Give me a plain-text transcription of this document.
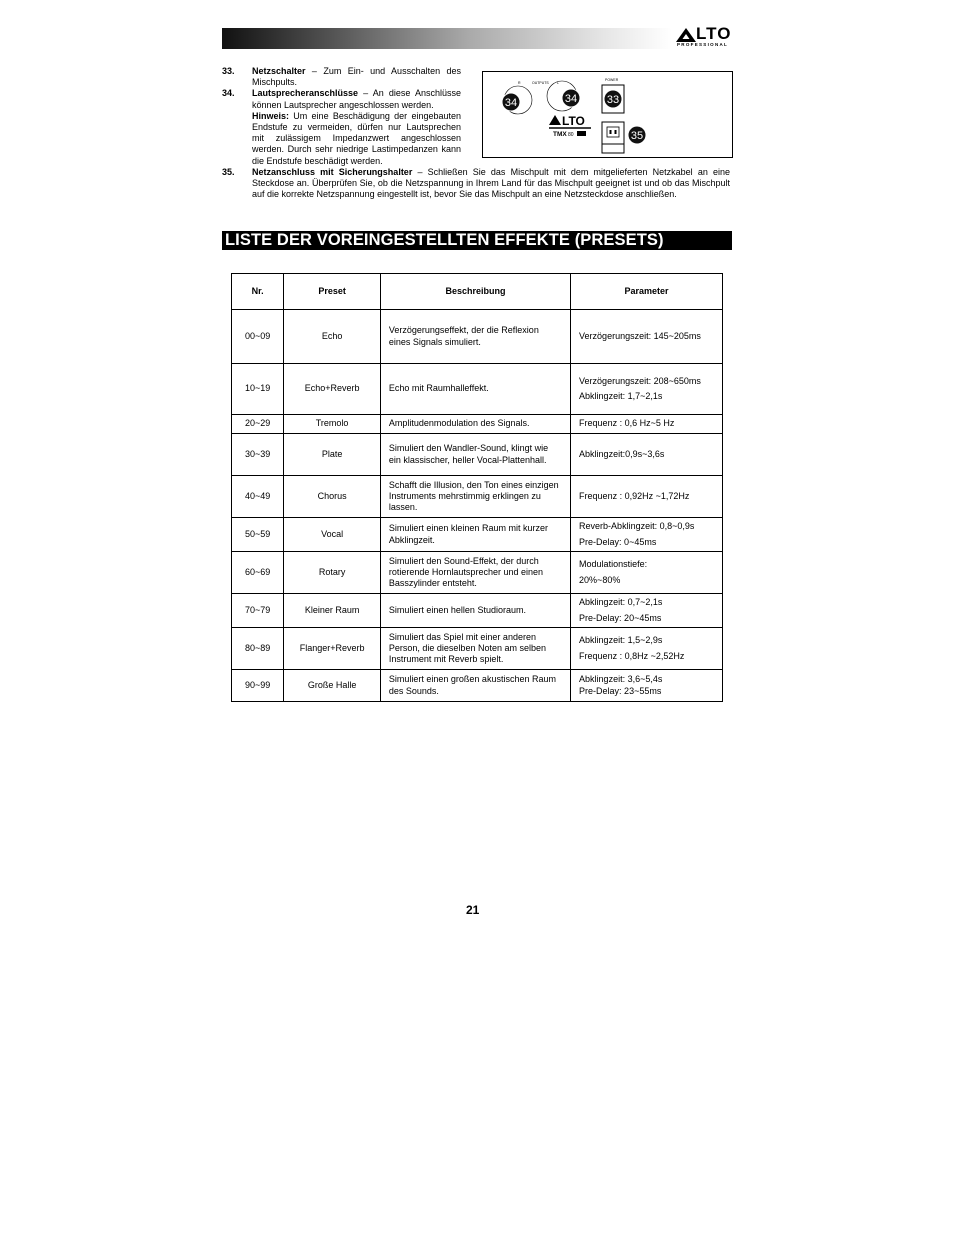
LTO
PROFESSIONAL
33. Netzschalter – Zum Ein- und Ausschalten des Mischpults.
34. Lautsprecheranschlüsse – An diese Anschlüsse können Lautsprecher angeschlossen werden.
Hinweis: Um eine Beschädigung der eingebauten Endstufe zu vermeiden, dürfen nur Lautsprechen mit zulässigem Impedanzwert angeschlossen werden. Durch sehr niedrige Lastimpedanzen kann die Endstufe beschädigt werden.
35. Netzanschluss mit Sicherungshalter – Schließen Sie das Mischpult mit dem mitgelieferten Netzkabel an eine Steckdose an. Überprüfen Sie, ob die Netzspannung in Ihrem Land für das Mischpult geeignet ist und ob das Mischpult auf die korrekte Netzspannung eingestellt ist, bevor Sie das Mischpult an eine Netzsteckdose anschließen.
R	OUTPUTS L
POWER
34	34	33
LTO
TMX 80	35
LISTE DER VOREINGESTELLTEN EFFEKTE (PRESETS)
Nr.	Preset	Beschreibung	Parameter
00~09	Echo	Verzögerungseffekt, der die Reflexion eines Signals simuliert.	Verzögerungszeit: 145~205ms

10~19	Echo+Reverb	Echo mit Raumhalleffekt.	Verzögerungszeit: 208~650ms
Abklingzeit: 1,7~2,1s

20~29	Tremolo	Amplitudenmodulation des Signals.	Frequenz : 0,6 Hz~5 Hz

30~39	Plate	Simuliert den Wandler-Sound, klingt wie ein klassischer, heller Vocal-Plattenhall.	Abklingzeit:0,9s~3,6s

40~49	Chorus	Schafft die Illusion, den Ton eines einzigen Instruments mehrstimmig erklingen zu lassen.	Frequenz : 0,92Hz ~1,72Hz

50~59	Vocal	Simuliert einen kleinen Raum mit kurzer Abklingzeit.	Reverb-Abklingzeit: 0,8~0,9s
Pre-Delay: 0~45ms

60~69	Rotary	Simuliert den Sound-Effekt, der durch rotierende Hornlautsprecher und einen Basszylinder entsteht.	Modulationstiefe:
20%~80%

70~79	Kleiner Raum	Simuliert einen hellen Studioraum.	Abklingzeit: 0,7~2,1s
Pre-Delay: 20~45ms

80~89	Flanger+Reverb	Simuliert das Spiel mit einer anderen Person, die dieselben Noten am selben Instrument mit Reverb spielt.	Abklingzeit: 1,5~2,9s
Frequenz : 0,8Hz ~2,52Hz

90~99	Große Halle	Simuliert einen großen akustischen Raum des Sounds.	Abklingzeit: 3,6~5,4s
Pre-Delay: 23~55ms
21
